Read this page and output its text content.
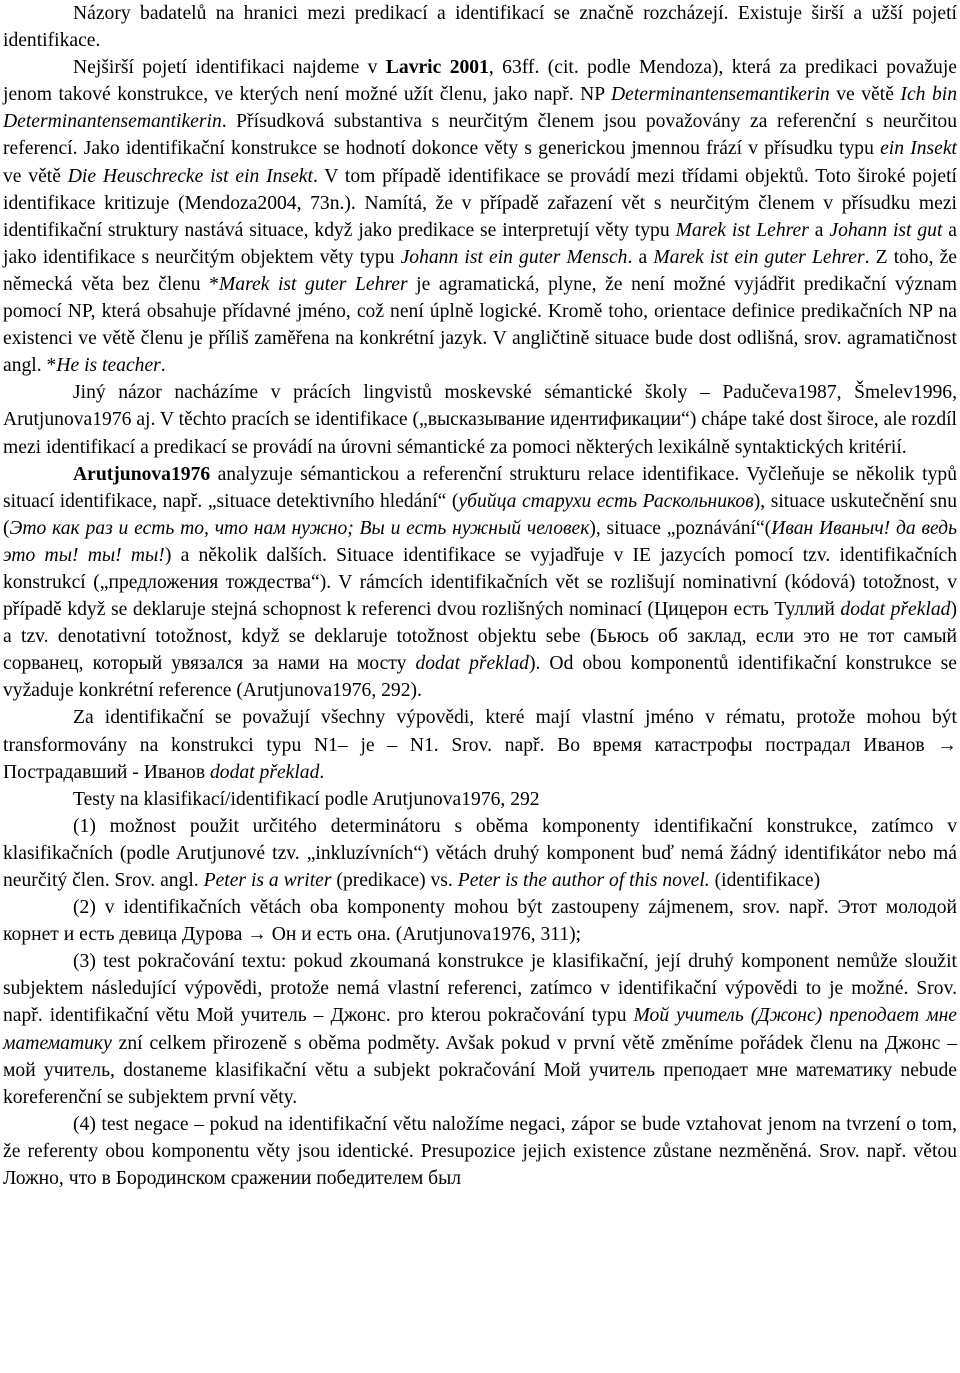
Názory badatelů na hranici mezi predikací a identifikací se značně rozcházejí. Existuje širší a užší pojetí identifikace.

Nejširší pojetí identifikaci najdeme v Lavric 2001, 63ff. (cit. podle Mendoza), která za predikaci považuje jenom takové konstrukce, ve kterých není možné užít členu, jako např. NP Determinantensemantikerin ve větě Ich bin Determinantensemantikerin. Přísudková substantiva s neurčitým členem jsou považovány za referenční s neurčitou referencí. Jako identifikační konstrukce se hodnotí dokonce věty s generickou jmennou frází v přísudku typu ein Insekt ve větě Die Heuschrecke ist ein Insekt. V tom případě identifikace se provádí mezi třídami objektů. Toto široké pojetí identifikace kritizuje (Mendoza2004, 73n.). Namítá, že v případě zařazení vět s neurčitým členem v přísudku mezi identifikační struktury nastává situace, když jako predikace se interpretují věty typu Marek ist Lehrer a Johann ist gut a jako identifikace s neurčitým objektem věty typu Johann ist ein guter Mensch. a Marek ist ein guter Lehrer. Z toho, že německá věta bez členu *Marek ist guter Lehrer je agramatická, plyne, že není možné vyjádřit predikační význam pomocí NP, která obsahuje přídavné jméno, což není úplně logické. Kromě toho, orientace definice predikačních NP na existenci ve větě členu je příliš zaměřena na konkrétní jazyk. V angličtině situace bude dost odlišná, srov. agramatičnost angl. *He is teacher.

Jiný názor nacházíme v prácích lingvistů moskevské sémantické školy – Padučeva1987, Šmelev1996, Arutjunova1976 aj. V těchto pracích se identifikace („высказывание идентификации“) chápe také dost široce, ale rozdíl mezi identifikací a predikací se provádí na úrovni sémantické za pomoci některých lexikálně syntaktických kritérií.

Arutjunova1976 analyzuje sémantickou a referenční strukturu relace identifikace. Vyčleňuje se několik typů situací identifikace, např. „situace detektivního hledání“ (убийца старухи есть Раскольников), situace uskutečnění snu (Это как раз и есть то, что нам нужно; Вы и есть нужный человек), situace „poznávání“(Иван Иваныч! да ведь это ты! ты! ты!) a několik dalších. Situace identifikace se vyjadřuje v IE jazycích pomocí tzv. identifikačních konstrukcí („предложения тождества“). V rámcích identifikačních vět se rozlišují nominativní (kódová) totožnost, v případě když se deklaruje stejná schopnost k referenci dvou rozlišných nominací (Цицерон есть Туллий dodat překlad) a tzv. denotativní totožnost, když se deklaruje totožnost objektu sebe (Бьюсь об заклад, если это не тот самый сорванец, который увязался за нами на мосту dodat překlad). Od obou komponentů identifikační konstrukce se vyžaduje konkrétní reference (Arutjunova1976, 292).

Za identifikační se považují všechny výpovědi, které mají vlastní jméno v rématu, protože mohou být transformovány na konstrukci typu N1– je – N1. Srov. např. Во время катастрофы пострадал Иванов → Пострадавший - Иванов dodat překlad.

Testy na klasifikací/identifikací podle Arutjunova1976, 292

(1) možnost použit určitého determinátoru s oběma komponenty identifikační konstrukce, zatímco v klasifikačních (podle Arutjunové tzv. „inkluzívních“) větách druhý komponent buď nemá žádný identifikátor nebo má neurčitý člen. Srov. angl. Peter is a writer (predikace) vs. Peter is the author of this novel. (identifikace)

(2) v identifikačních větách oba komponenty mohou být zastoupeny zájmenem, srov. např. Этот молодой корнет и есть девица Дурова → Он и есть она. (Arutjunova1976, 311);

(3) test pokračování textu: pokud zkoumaná konstrukce je klasifikační, její druhý komponent nemůže sloužit subjektem následující výpovědi, protože nemá vlastní referenci, zatímco v identifikační výpovědi to je možné. Srov. např. identifikační větu Мой учитель – Джонс. pro kterou pokračování typu Мой учитель (Джонс) преподает мне математику zní celkem přirozeně s oběma podměty. Avšak pokud v první větě změníme pořádek členu na Джонс – мой учитель, dostaneme klasifikační větu a subjekt pokračování Мой учитель преподает мне математику nebude koreferenční se subjektem první věty.

(4) test negace – pokud na identifikační větu naložíme negaci, zápor se bude vztahovat jenom na tvrzení o tom, že referenty obou komponentu věty jsou identické. Presupozice jejich existence zůstane nezměněná. Srov. např. větou Ложно, что в Бородинском сражении победителем был
